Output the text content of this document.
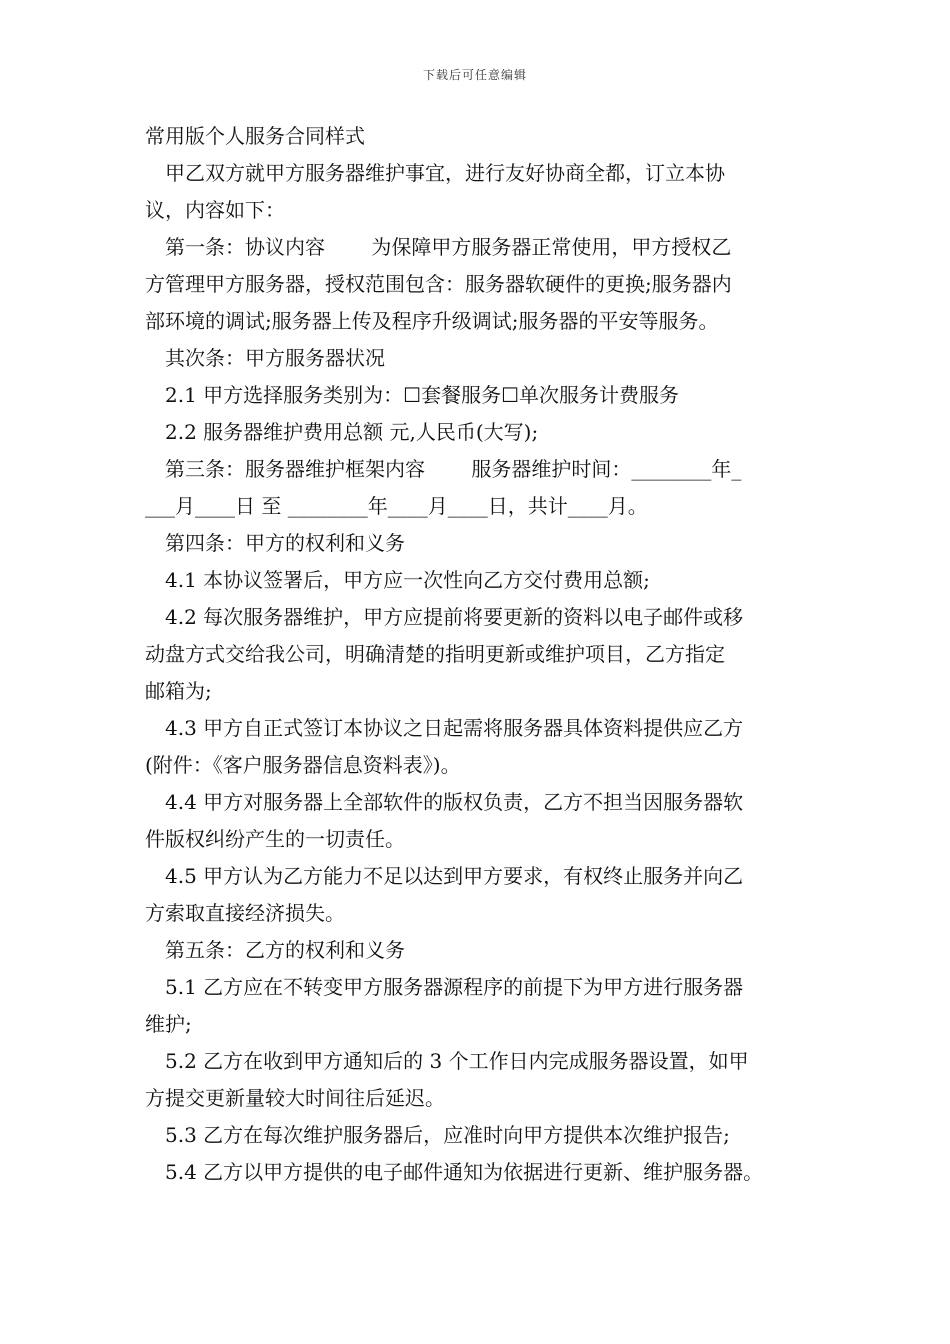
下载后可任意编辑
常用版个人服务合同样式
甲乙双方就甲方服务器维护事宜，进行友好协商全都，订立本协
议，内容如下：
第一条：协议内容　　 为保障甲方服务器正常使用，甲方授权乙
方管理甲方服务器，授权范围包含：服务器软硬件的更换;服务器内
部环境的调试;服务器上传及程序升级调试;服务器的平安等服务。
其次条：甲方服务器状况
2.1 甲方选择服务类别为：☐套餐服务☐单次服务计费服务
2.2 服务器维护费用总额 元,人民币(大写);
第三条：服务器维护框架内容　　 服务器维护时间：________年_
___月____日 至 ________年____月____日，共计____月。
第四条：甲方的权利和义务
4.1 本协议签署后，甲方应一次性向乙方交付费用总额;
4.2 每次服务器维护，甲方应提前将要更新的资料以电子邮件或移
动盘方式交给我公司，明确清楚的指明更新或维护项目，乙方指定
邮箱为;
4.3 甲方自正式签订本协议之日起需将服务器具体资料提供应乙方
(附件：《客户服务器信息资料表》)。
4.4 甲方对服务器上全部软件的版权负责，乙方不担当因服务器软
件版权纠纷产生的一切责任。
4.5 甲方认为乙方能力不足以达到甲方要求，有权终止服务并向乙
方索取直接经济损失。
第五条：乙方的权利和义务
5.1 乙方应在不转变甲方服务器源程序的前提下为甲方进行服务器
维护;
5.2 乙方在收到甲方通知后的 3 个工作日内完成服务器设置，如甲
方提交更新量较大时间往后延迟。
5.3 乙方在每次维护服务器后，应准时向甲方提供本次维护报告;
5.4 乙方以甲方提供的电子邮件通知为依据进行更新、维护服务器。
